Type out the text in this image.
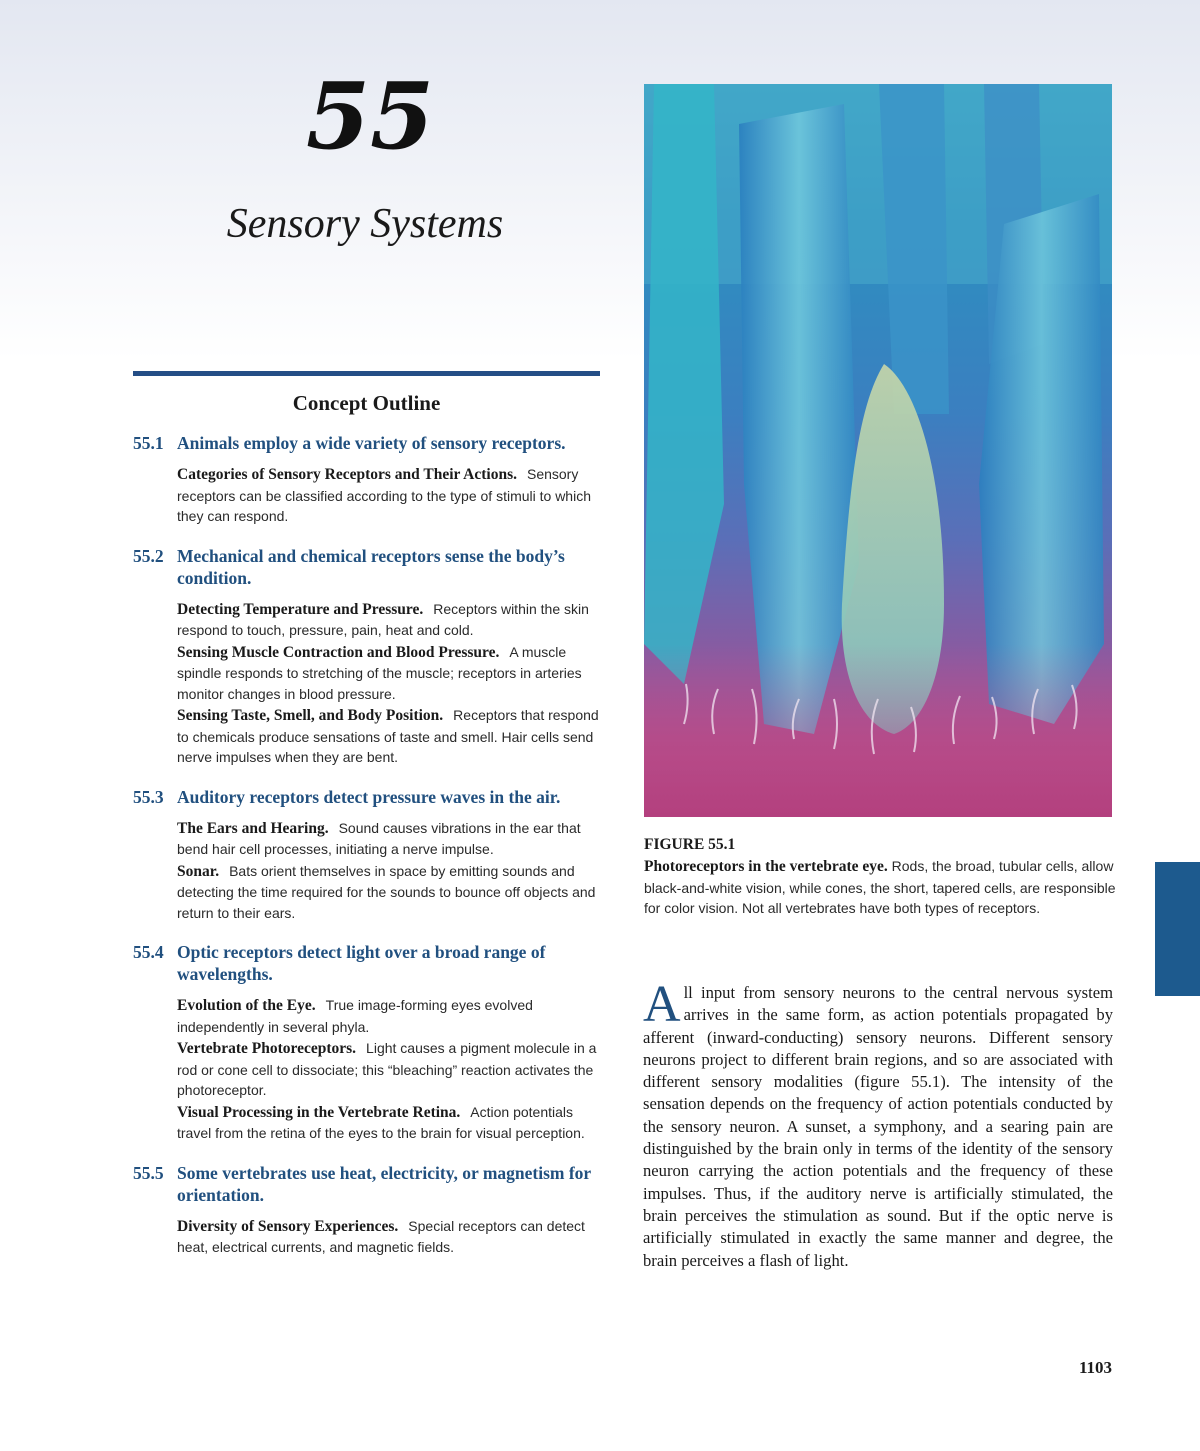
55
Sensory Systems
Concept Outline
55.1 Animals employ a wide variety of sensory receptors.
Categories of Sensory Receptors and Their Actions. Sensory receptors can be classified according to the type of stimuli to which they can respond.
55.2 Mechanical and chemical receptors sense the body’s condition.
Detecting Temperature and Pressure. Receptors within the skin respond to touch, pressure, pain, heat and cold.
Sensing Muscle Contraction and Blood Pressure. A muscle spindle responds to stretching of the muscle; receptors in arteries monitor changes in blood pressure.
Sensing Taste, Smell, and Body Position. Receptors that respond to chemicals produce sensations of taste and smell. Hair cells send nerve impulses when they are bent.
55.3 Auditory receptors detect pressure waves in the air.
The Ears and Hearing. Sound causes vibrations in the ear that bend hair cell processes, initiating a nerve impulse.
Sonar. Bats orient themselves in space by emitting sounds and detecting the time required for the sounds to bounce off objects and return to their ears.
55.4 Optic receptors detect light over a broad range of wavelengths.
Evolution of the Eye. True image-forming eyes evolved independently in several phyla.
Vertebrate Photoreceptors. Light causes a pigment molecule in a rod or cone cell to dissociate; this “bleaching” reaction activates the photoreceptor.
Visual Processing in the Vertebrate Retina. Action potentials travel from the retina of the eyes to the brain for visual perception.
55.5 Some vertebrates use heat, electricity, or magnetism for orientation.
Diversity of Sensory Experiences. Special receptors can detect heat, electrical currents, and magnetic fields.
FIGURE 55.1
Photoreceptors in the vertebrate eye. Rods, the broad, tubular cells, allow black-and-white vision, while cones, the short, tapered cells, are responsible for color vision. Not all vertebrates have both types of receptors.
All input from sensory neurons to the central nervous system arrives in the same form, as action potentials propagated by afferent (inward-conducting) sensory neurons. Different sensory neurons project to different brain regions, and so are associated with different sensory modalities (figure 55.1). The intensity of the sensation depends on the frequency of action potentials conducted by the sensory neuron. A sunset, a symphony, and a searing pain are distinguished by the brain only in terms of the identity of the sensory neuron carrying the action potentials and the frequency of these impulses. Thus, if the auditory nerve is artificially stimulated, the brain perceives the stimulation as sound. But if the optic nerve is artificially stimulated in exactly the same manner and degree, the brain perceives a flash of light.
1103
